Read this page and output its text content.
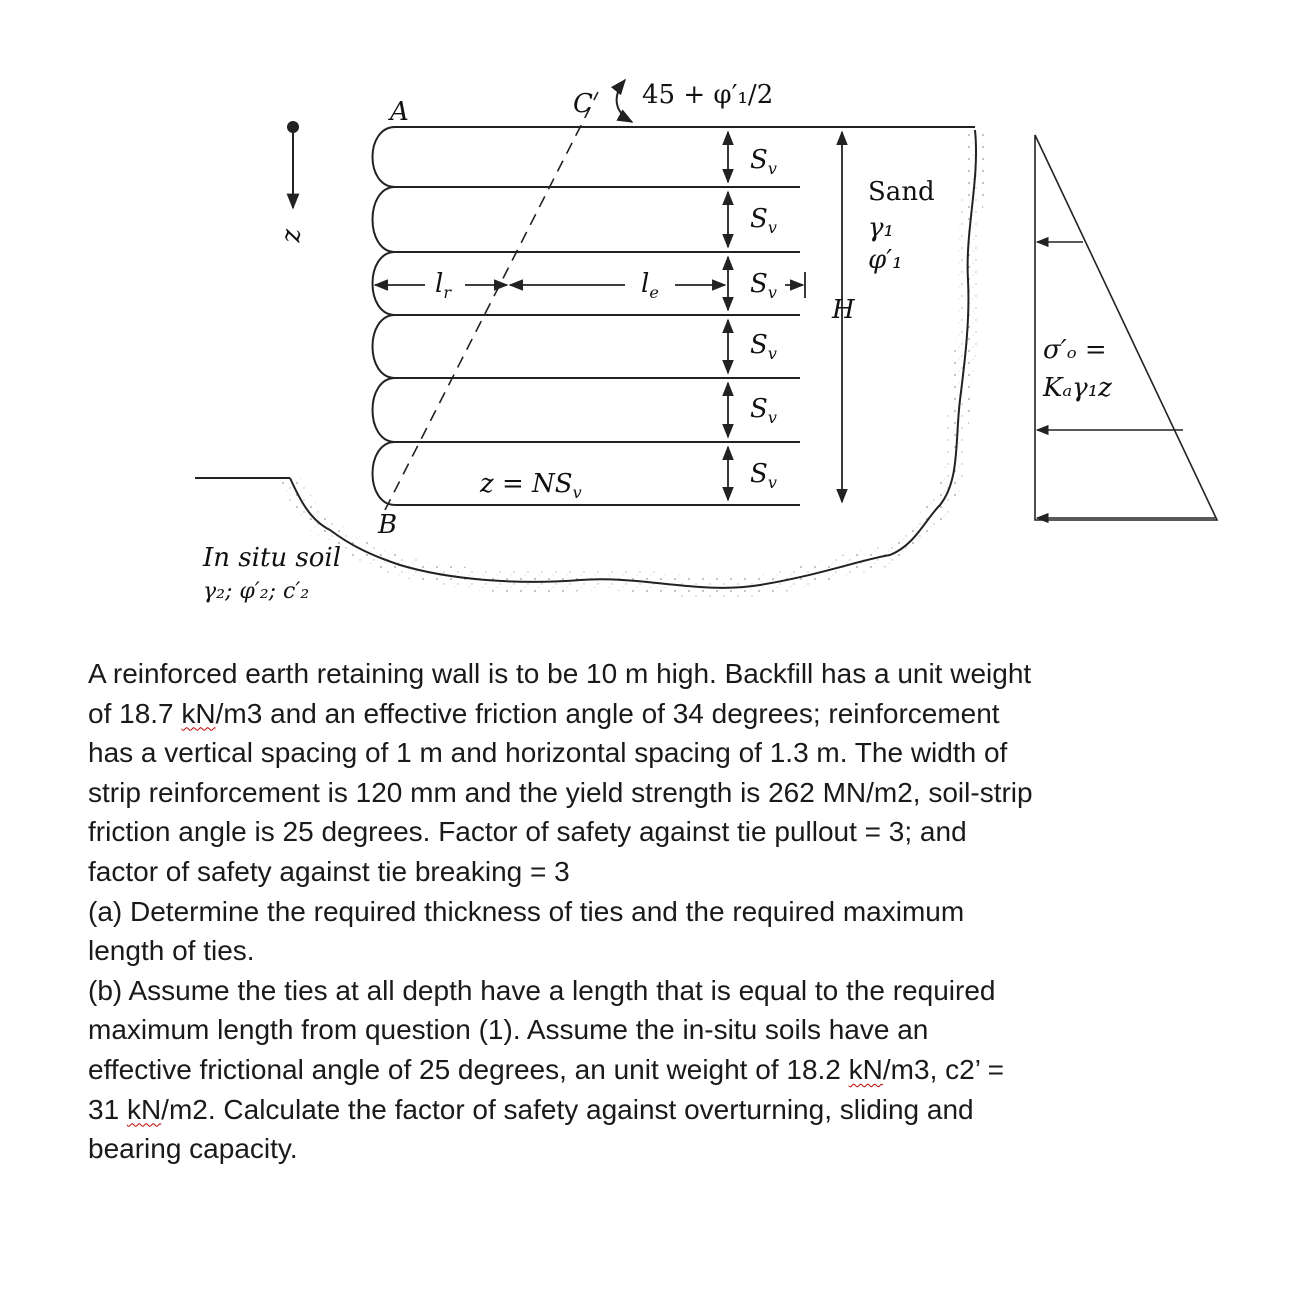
A
B
C 45 + φ′₁/2
z
$S_v$
$S_v$
$S_v$
$S_v$
$S_v$
$S_v$
H
$l_r$	$l_e$
Sand
γ₁
φ′₁
$z = NS_v$
In situ soil
γ₂; φ′₂; c′₂
σ′ₒ =
Kₐγ₁z

A reinforced earth retaining wall is to be 10 m high. Backfill has a unit weight of 18.7 kN/m3 and an effective friction angle of 34 degrees; reinforcement has a vertical spacing of 1 m and horizontal spacing of 1.3 m. The width of strip reinforcement is 120 mm and the yield strength is 262 MN/m2, soil-strip friction angle is 25 degrees. Factor of safety against tie pullout = 3; and factor of safety against tie breaking = 3

(a) Determine the required thickness of ties and the required maximum length of ties.

(b) Assume the ties at all depth have a length that is equal to the required maximum length from question (1). Assume the in-situ soils have an effective frictional angle of 25 degrees, an unit weight of 18.2 kN/m3, c2’ = 31 kN/m2. Calculate the factor of safety against overturning, sliding and bearing capacity.
